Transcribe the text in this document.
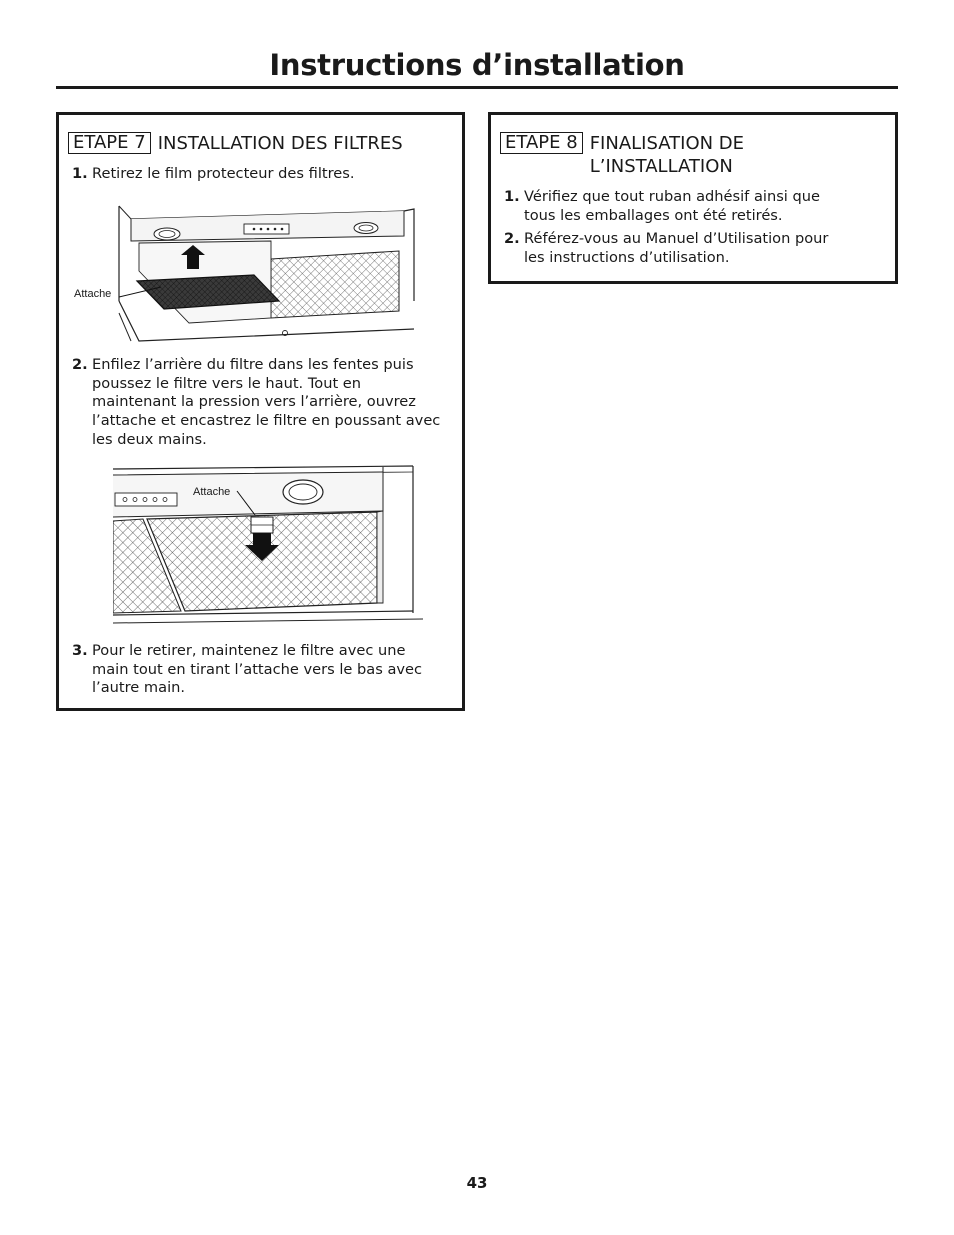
Instructions d’installation
ETAPE 7 INSTALLATION DES FILTRES
1. Retirez le film protecteur des filtres.
Attache
2. Enfilez l’arrière du filtre dans les fentes puis poussez le filtre vers le haut. Tout en maintenant la pression vers l’arrière, ouvrez l’attache et encastrez le filtre en poussant avec les deux mains.
Attache
3. Pour le retirer, maintenez le filtre avec une main tout en tirant l’attache vers le bas avec l’autre main.
ETAPE 8 FINALISATION DE L’INSTALLATION
1. Vérifiez que tout ruban adhésif ainsi que tous les emballages ont été retirés.
2. Référez-vous au Manuel d’Utilisation pour les instructions d’utilisation.
43
